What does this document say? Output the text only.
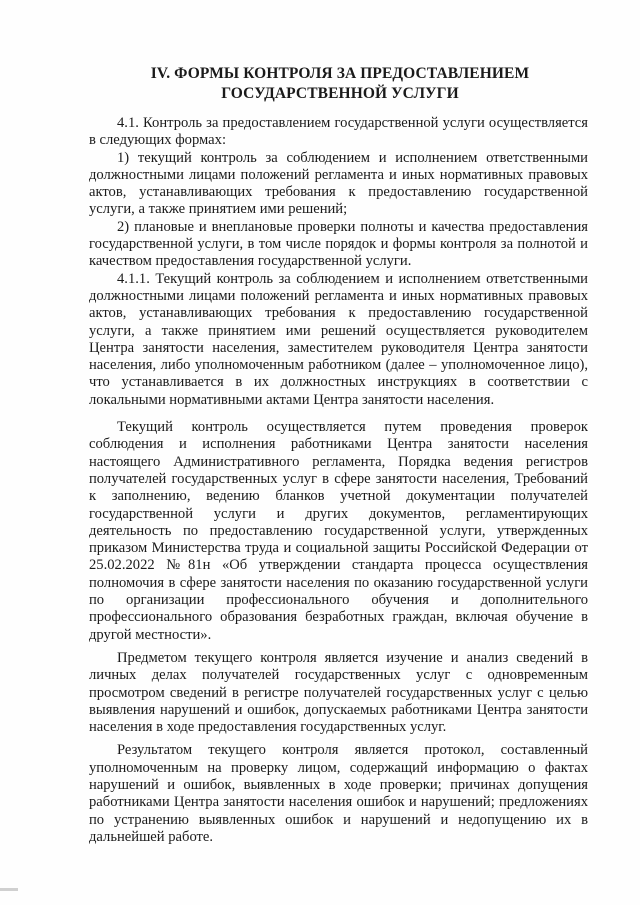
IV. ФОРМЫ КОНТРОЛЯ ЗА ПРЕДОСТАВЛЕНИЕМ
ГОСУДАРСТВЕННОЙ УСЛУГИ

4.1. Контроль за предоставлением государственной услуги осуществляется в следующих формах:

1) текущий контроль за соблюдением и исполнением ответственными должностными лицами положений регламента и иных нормативных правовых актов, устанавливающих требования к предоставлению государственной услуги, а также принятием ими решений;

2) плановые и внеплановые проверки полноты и качества предоставления государственной услуги, в том числе порядок и формы контроля за полнотой и качеством предоставления государственной услуги.

4.1.1. Текущий контроль за соблюдением и исполнением ответственными должностными лицами положений регламента и иных нормативных правовых актов, устанавливающих требования к предоставлению государственной услуги, а также принятием ими решений осуществляется руководителем Центра занятости населения, заместителем руководителя Центра занятости населения, либо уполномоченным работником (далее – уполномоченное лицо), что устанавливается в их должностных инструкциях в соответствии с локальными нормативными актами Центра занятости населения.

Текущий контроль осуществляется путем проведения проверок соблюдения и исполнения работниками Центра занятости населения настоящего Административного регламента, Порядка ведения регистров получателей государственных услуг в сфере занятости населения, Требований к заполнению, ведению бланков учетной документации получателей государственной услуги и других документов, регламентирующих деятельность по предоставлению государственной услуги, утвержденных приказом Министерства труда и социальной защиты Российской Федерации от 25.02.2022 №81н «Об утверждении стандарта процесса осуществления полномочия в сфере занятости населения по оказанию государственной услуги по организации профессионального обучения и дополнительного профессионального образования безработных граждан, включая обучение в другой местности».

Предметом текущего контроля является изучение и анализ сведений в личных делах получателей государственных услуг с одновременным просмотром сведений в регистре получателей государственных услуг с целью выявления нарушений и ошибок, допускаемых работниками Центра занятости населения в ходе предоставления государственных услуг.

Результатом текущего контроля является протокол, составленный уполномоченным на проверку лицом, содержащий информацию о фактах нарушений и ошибок, выявленных в ходе проверки; причинах допущения работниками Центра занятости населения ошибок и нарушений; предложениях по устранению выявленных ошибок и нарушений и недопущению их в дальнейшей работе.
